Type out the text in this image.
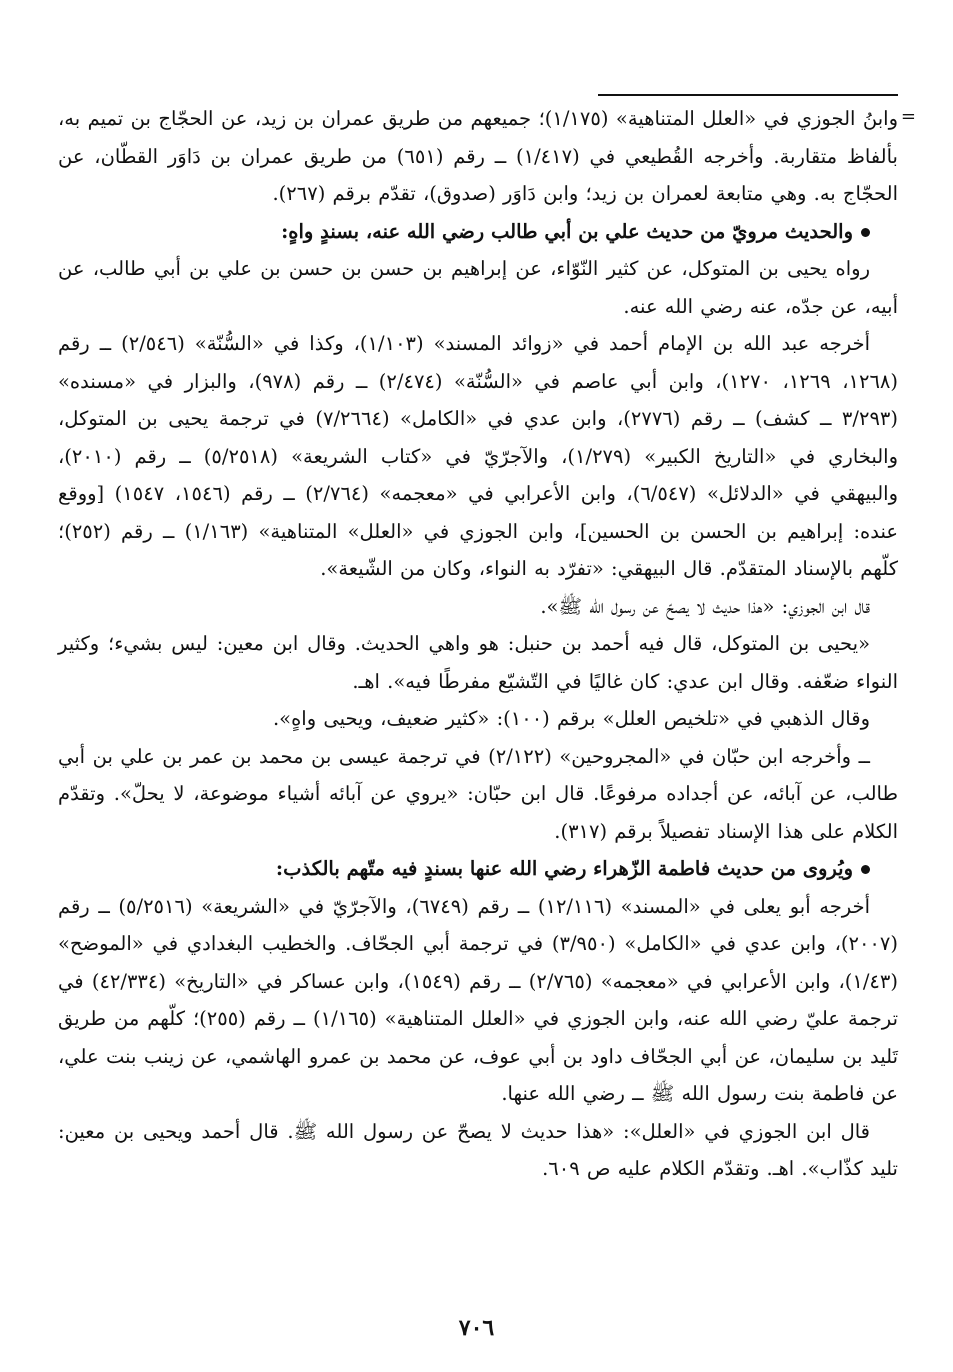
=

وابنُ الجوزي في «العلل المتناهية» (١/١٧٥)؛ جميعهم من طريق عمران بن زيد، عن الحجّاج بن تميم به، بألفاظ متقاربة. وأخرجه القُطيعي في (١/٤١٧) ــ رقم (٦٥١) من طريق عمران بن دَاوَر القطّان، عن الحجّاج به. وهي متابعة لعمران بن زيد؛ وابن دَاوَر (صدوق)، تقدّم برقم (٢٦٧).

والحديث مرويّ من حديث علي بن أبي طالب رضي الله عنه، بسندٍ واهٍ:

رواه يحيى بن المتوكل، عن كثير النّوّاء، عن إبراهيم بن حسن بن حسن بن علي بن أبي طالب، عن أبيه، عن جدّه، عنه رضي الله عنه.

أخرجه عبد الله بن الإمام أحمد في «زوائد المسند» (١/١٠٣)، وكذا في «السُّنّة» (٢/٥٤٦) ــ رقم (١٢٦٨، ١٢٦٩، ١٢٧٠)، وابن أبي عاصم في «السُّنّة» (٢/٤٧٤) ــ رقم (٩٧٨)، والبزار في «مسنده» (٣/٢٩٣ ــ كشف) ــ رقم (٢٧٧٦)، وابن عدي في «الكامل» (٧/٢٦٦٤) في ترجمة يحيى بن المتوكل، والبخاري في «التاريخ الكبير» (١/٢٧٩)، والآجرّيّ في «كتاب الشريعة» (٥/٢٥١٨) ــ رقم (٢٠١٠)، والبيهقي في «الدلائل» (٦/٥٤٧)، وابن الأعرابي في «معجمه» (٢/٧٦٤) ــ رقم (١٥٤٦، ١٥٤٧) [ووقع عنده: إبراهيم بن الحسن بن الحسين]، وابن الجوزي في «العلل» المتناهية» (١/١٦٣) ــ رقم (٢٥٢)؛ كلّهم بالإسناد المتقدّم. قال البيهقي: «تفرّد به النواء، وكان من الشّيعة».

قال ابن الجوزي: «هذا حديث لا يصحّ عن رسول الله ﷺ».

«يحيى بن المتوكل، قال فيه أحمد بن حنبل: هو واهي الحديث. وقال ابن معين: ليس بشيء؛ وكثير النواء ضعّفه. وقال ابن عدي: كان غاليًا في التّشيّع مفرطًا فيه». اهـ.

وقال الذهبي في «تلخيص العلل» برقم (١٠٠): «كثير ضعيف، ويحيى واهٍ».

ــ وأخرجه ابن حبّان في «المجروحين» (٢/١٢٢) في ترجمة عيسى بن محمد بن عمر بن علي بن أبي طالب، عن آبائه، عن أجداده مرفوعًا. قال ابن حبّان: «يروي عن آبائه أشياء موضوعة، لا يحلّ». وتقدّم الكلام على هذا الإسناد تفصيلاً برقم (٣١٧).

ويُروى من حديث فاطمة الزّهراء رضي الله عنها بسندٍ فيه متّهم بالكذب:

أخرجه أبو يعلى في «المسند» (١٢/١١٦) ــ رقم (٦٧٤٩)، والآجرّيّ في «الشريعة» (٥/٢٥١٦) ــ رقم (٢٠٠٧)، وابن عدي في «الكامل» (٣/٩٥٠) في ترجمة أبي الجحّاف. والخطيب البغدادي في «الموضح» (١/٤٣)، وابن الأعرابي في «معجمه» (٢/٧٦٥) ــ رقم (١٥٤٩)، وابن عساكر في «التاريخ» (٤٢/٣٣٤) في ترجمة عليّ رضي الله عنه، وابن الجوزي في «العلل المتناهية» (١/١٦٥) ــ رقم (٢٥٥)؛ كلّهم من طريق تَليد بن سليمان، عن أبي الجحّاف داود بن أبي عوف، عن محمد بن عمرو الهاشمي، عن زينب بنت علي، عن فاطمة بنت رسول الله ﷺ ــ رضي الله عنها.

قال ابن الجوزي في «العلل»: «هذا حديث لا يصحّ عن رسول الله ﷺ. قال أحمد ويحيى بن معين: تليد كذّاب». اهـ. وتقدّم الكلام عليه ص ٦٠٩.

٧٠٦
